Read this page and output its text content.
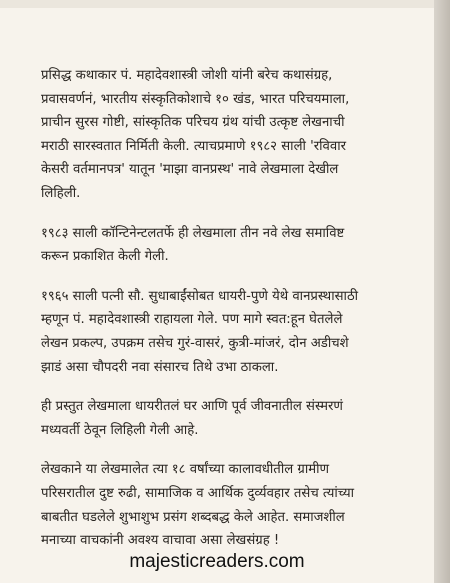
प्रसिद्ध कथाकार पं. महादेवशास्त्री जोशी यांनी बरेच कथासंग्रह,
प्रवासवर्णनं, भारतीय संस्कृतिकोशाचे १० खंड, भारत परिचयमाला,
प्राचीन सुरस गोष्टी, सांस्कृतिक परिचय ग्रंथ यांची उत्कृष्ट लेखनाची
मराठी सारस्वतात निर्मिती केली. त्याचप्रमाणे १९८२ साली 'रविवार
केसरी वर्तमानपत्र' यातून 'माझा वानप्रस्थ' नावे लेखमाला देखील
लिहिली.

१९८३ साली कॉन्टिनेन्टलतर्फे ही लेखमाला तीन नवे लेख समाविष्ट
करून प्रकाशित केली गेली.

१९६५ साली पत्नी सौ. सुधाबाईंसोबत धायरी-पुणे येथे वानप्रस्थासाठी
म्हणून पं. महादेवशास्त्री राहायला गेले. पण मागे स्वत:हून घेतलेले
लेखन प्रकल्प, उपक्रम तसेच गुरं-वासरं, कुत्री-मांजरं, दोन अडीचशे
झाडं असा चौपदरी नवा संसारच तिथे उभा ठाकला.

ही प्रस्तुत लेखमाला धायरीतलं घर आणि पूर्व जीवनातील संस्मरणं
मध्यवर्ती ठेवून लिहिली गेली आहे.

लेखकाने या लेखमालेत त्या १८ वर्षांच्या कालावधीतील ग्रामीण
परिसरातील दुष्ट रुढी, सामाजिक व आर्थिक दुर्व्यवहार तसेच त्यांच्या
बाबतीत घडलेले शुभाशुभ प्रसंग शब्दबद्ध केले आहेत. समाजशील
मनाच्या वाचकांनी अवश्य वाचावा असा लेखसंग्रह !

majesticreaders.com
